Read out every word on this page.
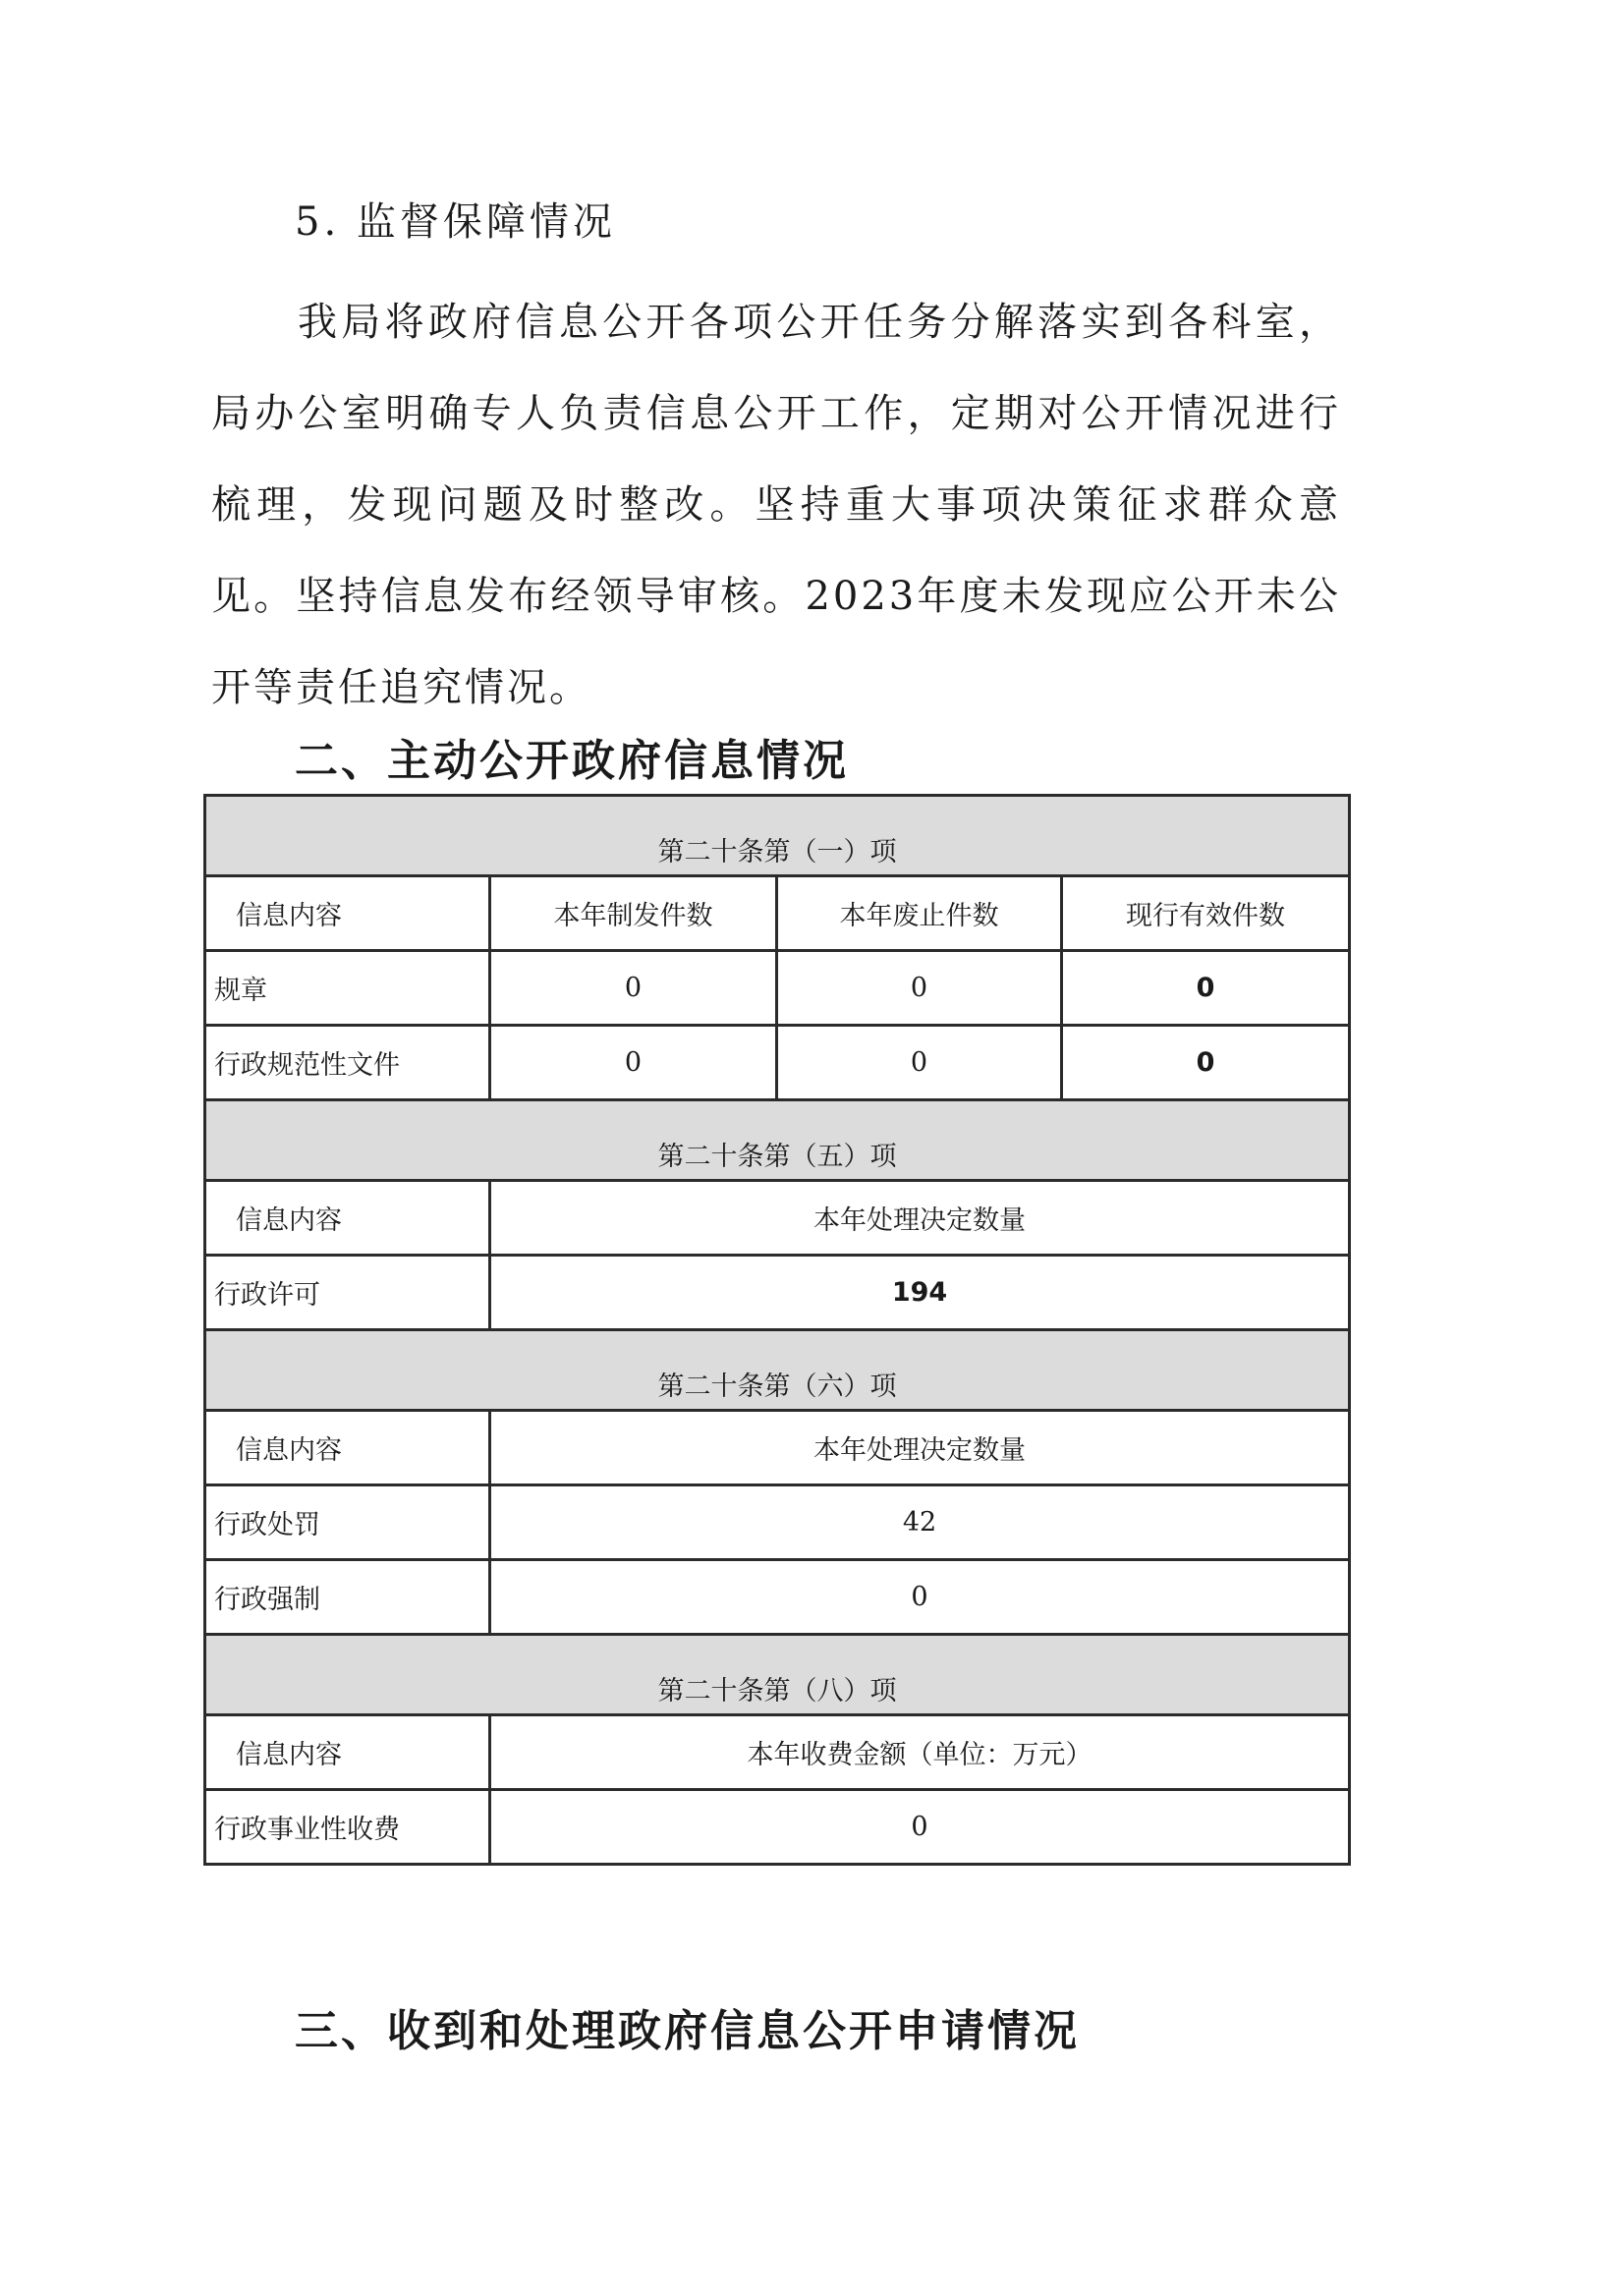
5. 监督保障情况
我局将政府信息公开各项公开任务分解落实到各科室，局办公室明确专人负责信息公开工作，定期对公开情况进行梳理，发现问题及时整改。坚持重大事项决策征求群众意见。坚持信息发布经领导审核。2023年度未发现应公开未公开等责任追究情况。
二、主动公开政府信息情况
第二十条第（一）项			
信息内容	本年制发件数	本年废止件数	现行有效件数
规章	0	0	0
行政规范性文件	0	0	0
第二十条第（五）项			
信息内容	本年处理决定数量		
行政许可	194		
第二十条第（六）项			
信息内容	本年处理决定数量		
行政处罚	42		
行政强制	0		
第二十条第（八）项			
信息内容	本年收费金额（单位：万元）		
行政事业性收费	0		
三、收到和处理政府信息公开申请情况
